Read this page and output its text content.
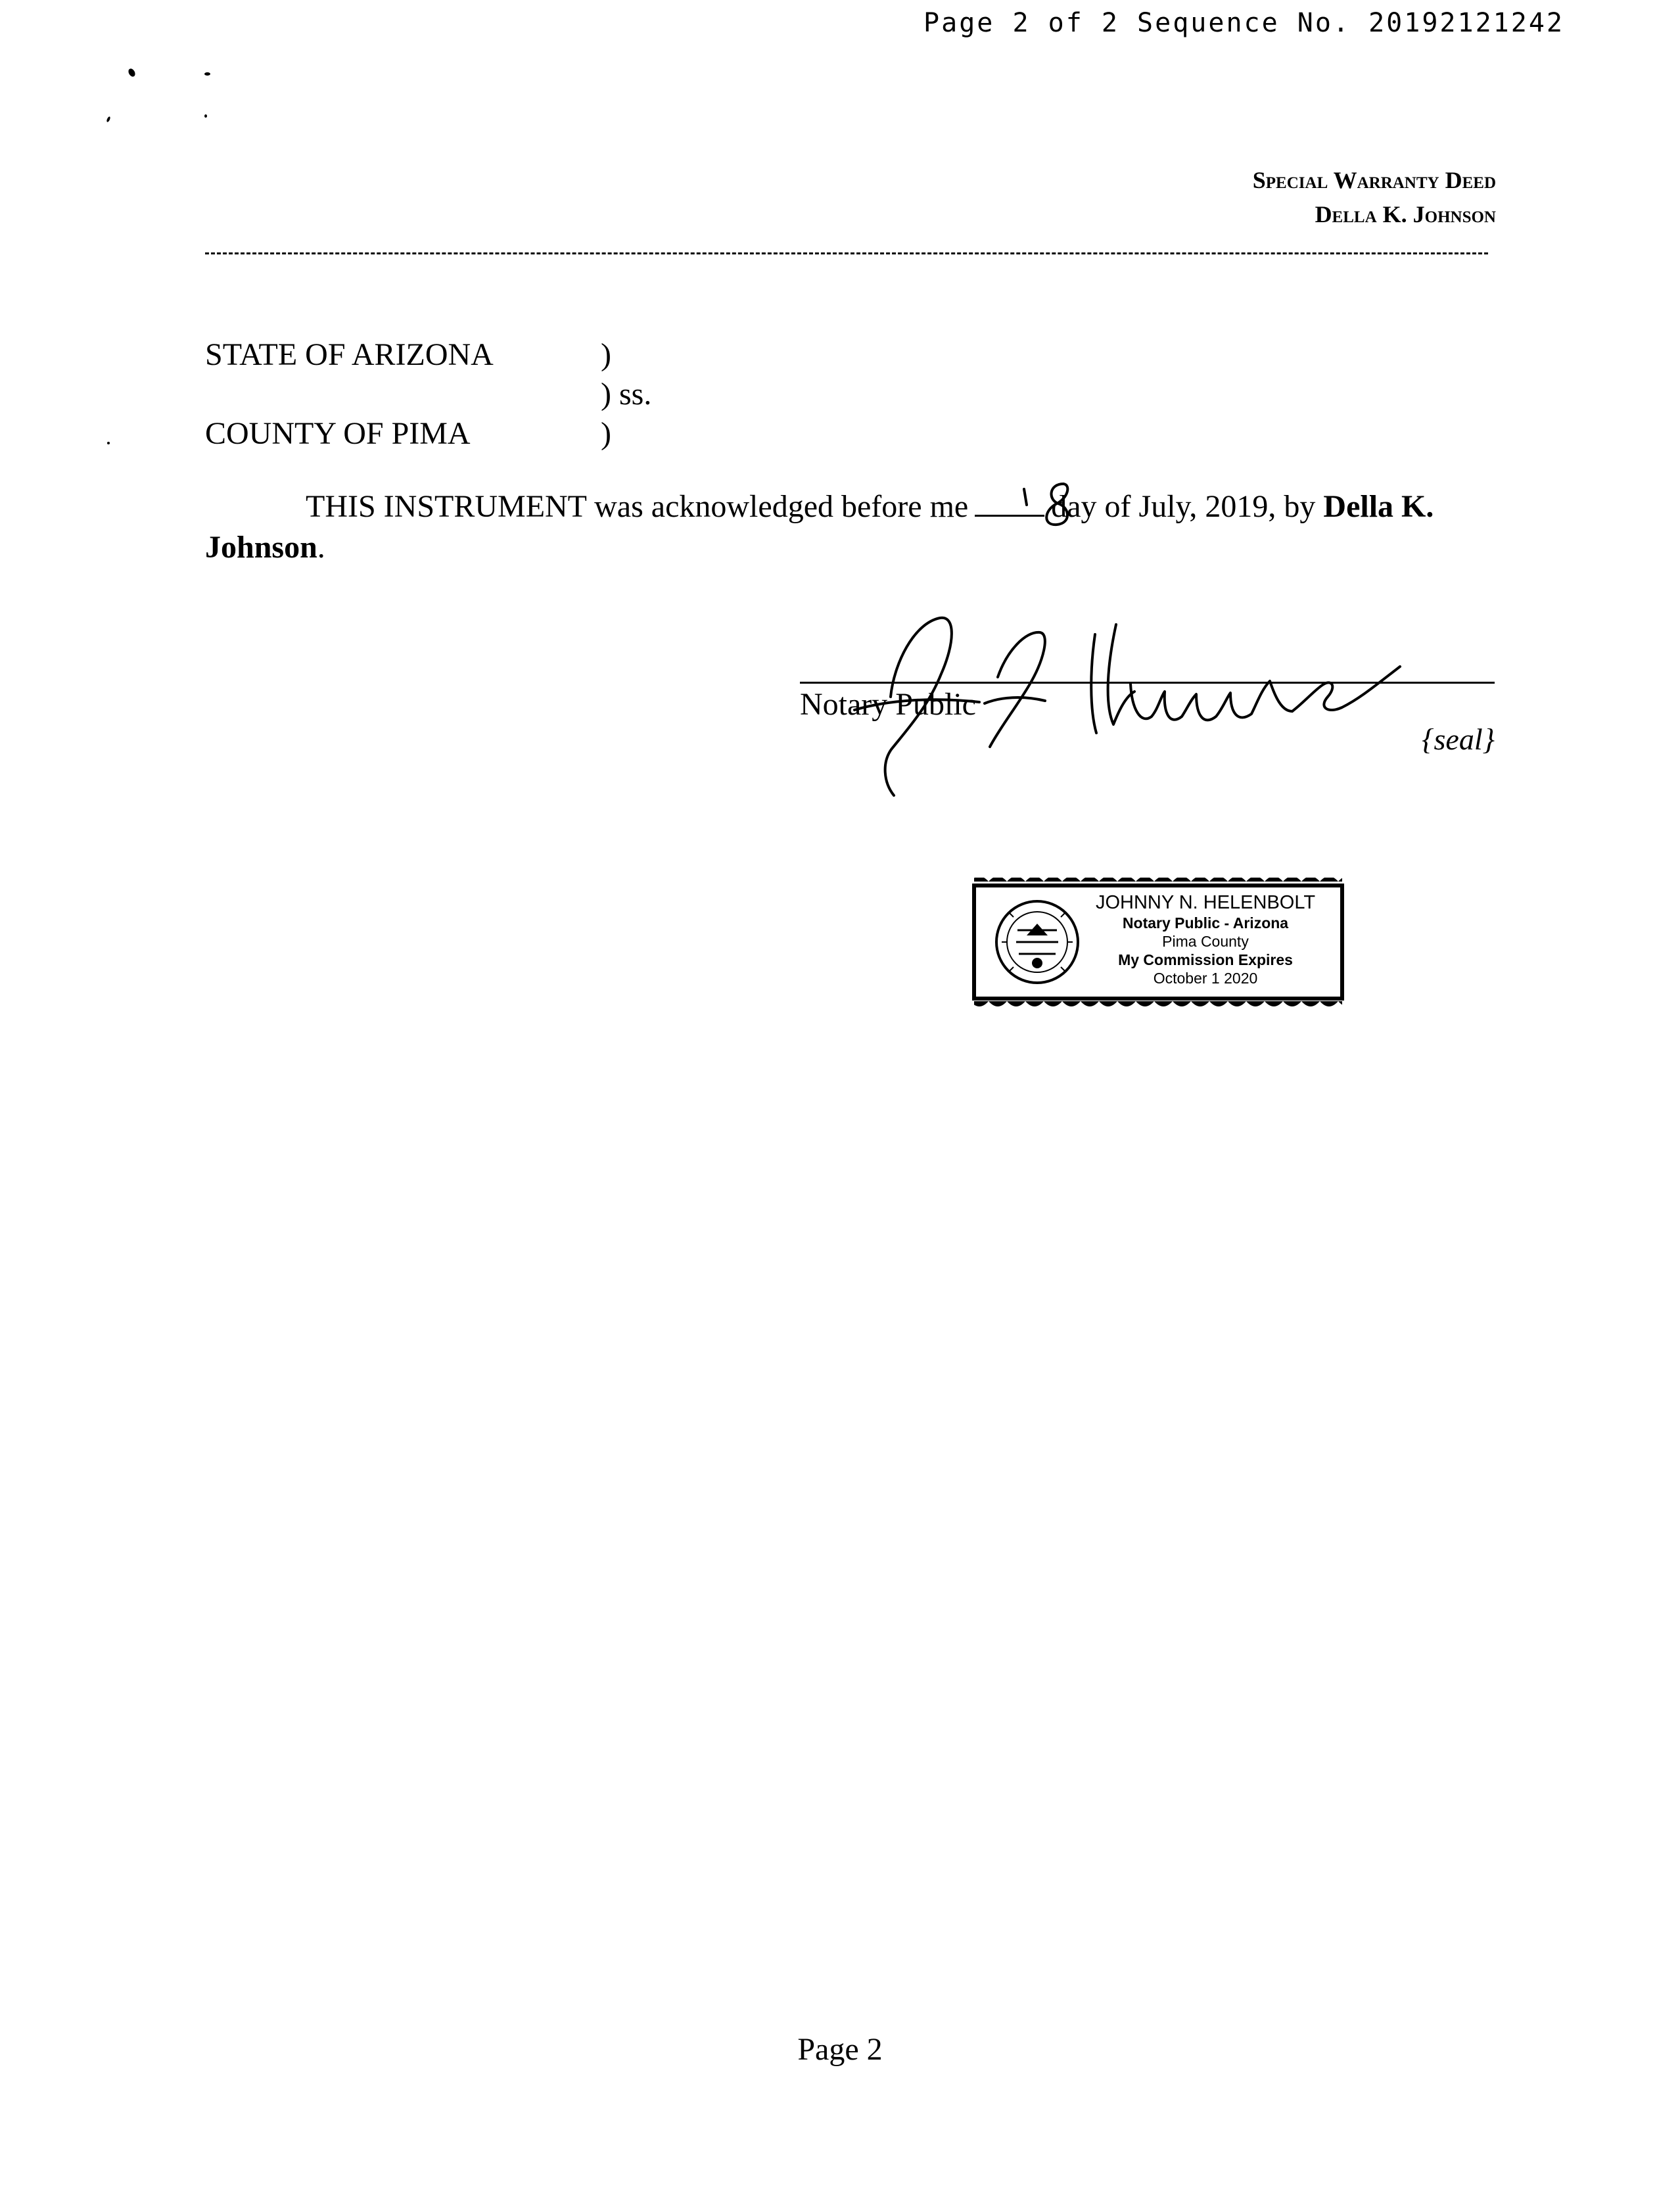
Page 2 of 2 Sequence No. 20192121242
Special Warranty Deed
Della K. Johnson
STATE OF ARIZONA	)
) ss.
COUNTY OF PIMA	)
THIS INSTRUMENT was acknowledged before me	day of July, 2019, by Della K.
Johnson.
Notary Public
{seal}
JOHNNY N. HELENBOLT
Notary Public - Arizona
Pima County
My Commission Expires
October 1 2020
Page 2
